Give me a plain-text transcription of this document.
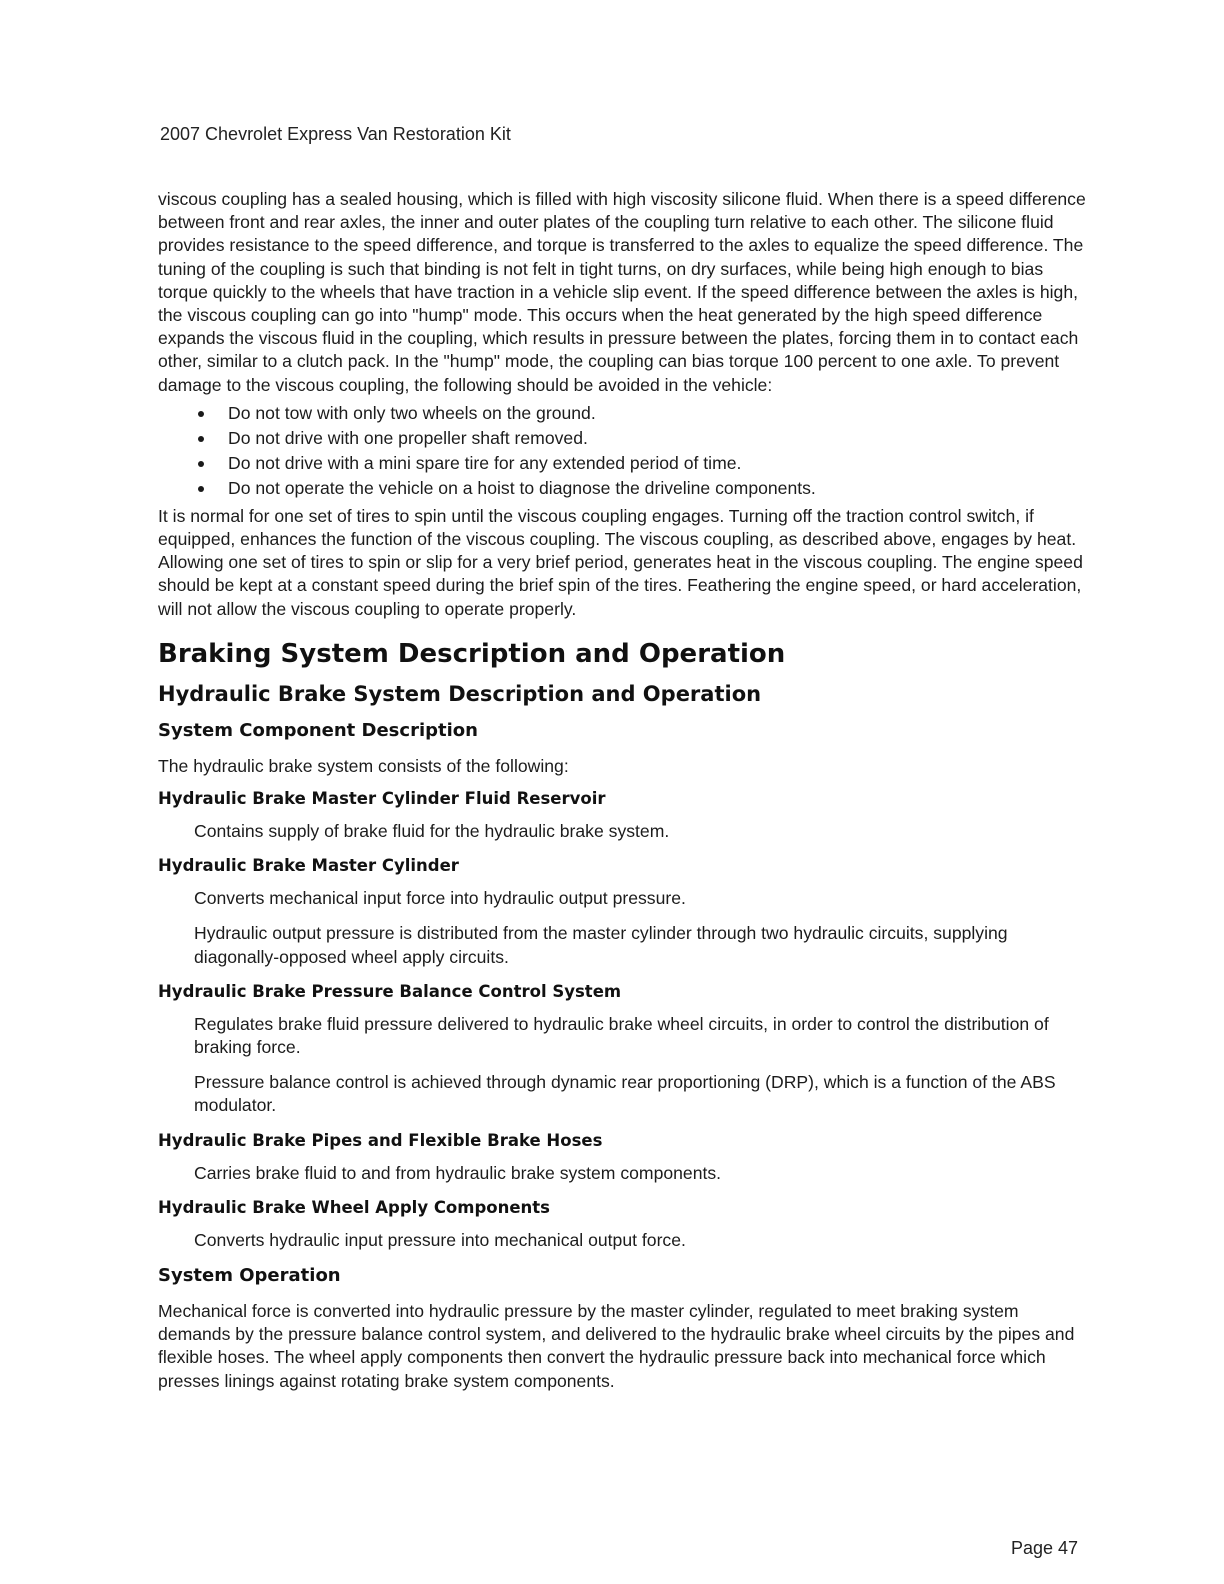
2007 Chevrolet Express Van Restoration Kit

viscous coupling has a sealed housing, which is filled with high viscosity silicone fluid. When there is a speed difference between front and rear axles, the inner and outer plates of the coupling turn relative to each other. The silicone fluid provides resistance to the speed difference, and torque is transferred to the axles to equalize the speed difference. The tuning of the coupling is such that binding is not felt in tight turns, on dry surfaces, while being high enough to bias torque quickly to the wheels that have traction in a vehicle slip event. If the speed difference between the axles is high, the viscous coupling can go into "hump" mode. This occurs when the heat generated by the high speed difference expands the viscous fluid in the coupling, which results in pressure between the plates, forcing them in to contact each other, similar to a clutch pack. In the "hump" mode, the coupling can bias torque 100 percent to one axle. To prevent damage to the viscous coupling, the following should be avoided in the vehicle:

Do not tow with only two wheels on the ground.
Do not drive with one propeller shaft removed.
Do not drive with a mini spare tire for any extended period of time.
Do not operate the vehicle on a hoist to diagnose the driveline components.

It is normal for one set of tires to spin until the viscous coupling engages. Turning off the traction control switch, if equipped, enhances the function of the viscous coupling. The viscous coupling, as described above, engages by heat. Allowing one set of tires to spin or slip for a very brief period, generates heat in the viscous coupling. The engine speed should be kept at a constant speed during the brief spin of the tires. Feathering the engine speed, or hard acceleration, will not allow the viscous coupling to operate properly.

Braking System Description and Operation
Hydraulic Brake System Description and Operation
System Component Description

The hydraulic brake system consists of the following:

Hydraulic Brake Master Cylinder Fluid Reservoir

Contains supply of brake fluid for the hydraulic brake system.

Hydraulic Brake Master Cylinder

Converts mechanical input force into hydraulic output pressure.

Hydraulic output pressure is distributed from the master cylinder through two hydraulic circuits, supplying diagonally-opposed wheel apply circuits.

Hydraulic Brake Pressure Balance Control System

Regulates brake fluid pressure delivered to hydraulic brake wheel circuits, in order to control the distribution of braking force.

Pressure balance control is achieved through dynamic rear proportioning (DRP), which is a function of the ABS modulator.

Hydraulic Brake Pipes and Flexible Brake Hoses

Carries brake fluid to and from hydraulic brake system components.

Hydraulic Brake Wheel Apply Components

Converts hydraulic input pressure into mechanical output force.

System Operation

Mechanical force is converted into hydraulic pressure by the master cylinder, regulated to meet braking system demands by the pressure balance control system, and delivered to the hydraulic brake wheel circuits by the pipes and flexible hoses. The wheel apply components then convert the hydraulic pressure back into mechanical force which presses linings against rotating brake system components.

Page 47
